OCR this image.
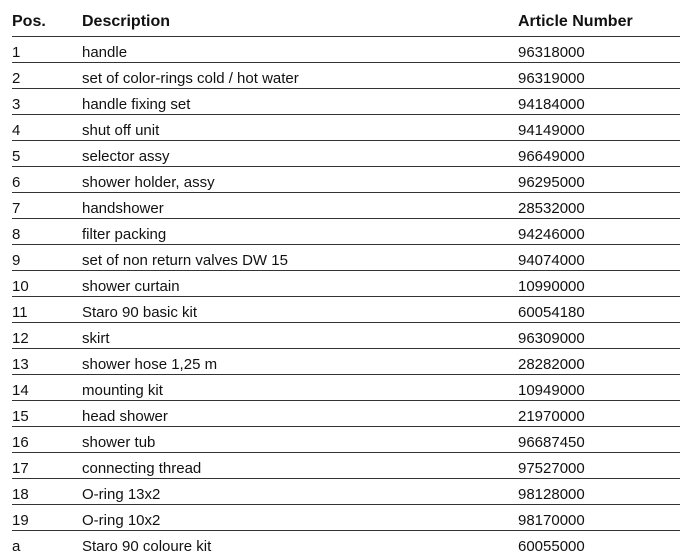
Pos.	Description	Article Number
1	handle	96318000
2	set of color-rings cold / hot water	96319000
3	handle fixing set	94184000
4	shut off unit	94149000
5	selector assy	96649000
6	shower holder, assy	96295000
7	handshower	28532000
8	filter packing	94246000
9	set of non return valves DW 15	94074000
10	shower curtain	10990000
11	Staro 90 basic kit	60054180
12	skirt	96309000
13	shower hose 1,25 m	28282000
14	mounting kit	10949000
15	head shower	21970000
16	shower tub	96687450
17	connecting thread	97527000
18	O-ring 13x2	98128000
19	O-ring 10x2	98170000
a	Staro 90 coloure kit	60055000
